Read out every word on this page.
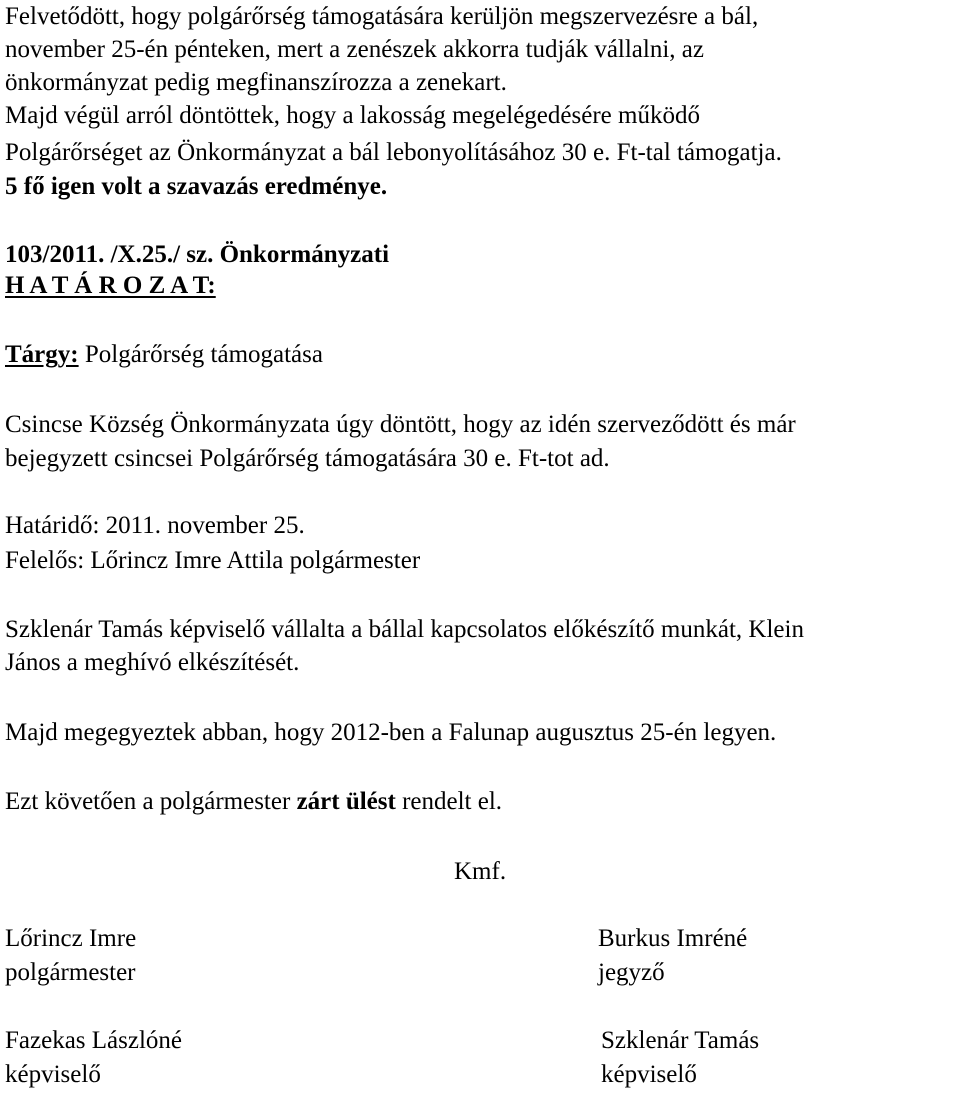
Felvetődött, hogy polgárőrség támogatására kerüljön megszervezésre a bál,
november 25-én pénteken, mert a zenészek akkorra tudják vállalni, az
önkormányzat pedig megfinanszírozza a zenekart.
Majd végül arról döntöttek, hogy a lakosság megelégedésére működő
Polgárőrséget az Önkormányzat a bál lebonyolításához 30 e. Ft-tal támogatja.
5 fő igen volt a szavazás eredménye.
103/2011. /X.25./ sz. Önkormányzati
H A T Á R O Z A T:
Tárgy: Polgárőrség támogatása
Csincse Község Önkormányzata úgy döntött, hogy az idén szerveződött és már
bejegyzett csincsei Polgárőrség támogatására 30 e. Ft-tot ad.
Határidő: 2011. november 25.
Felelős: Lőrincz Imre Attila polgármester
Szklenár Tamás képviselő vállalta a bállal kapcsolatos előkészítő munkát, Klein
János a meghívó elkészítését.
Majd megegyeztek abban, hogy 2012-ben a Falunap augusztus 25-én legyen.
Ezt követően a polgármester zárt ülést rendelt el.
Kmf.
Lőrincz Imre
polgármester
Burkus Imréné
jegyző
Fazekas Lászlóné
képviselő
Szklenár Tamás
képviselő
